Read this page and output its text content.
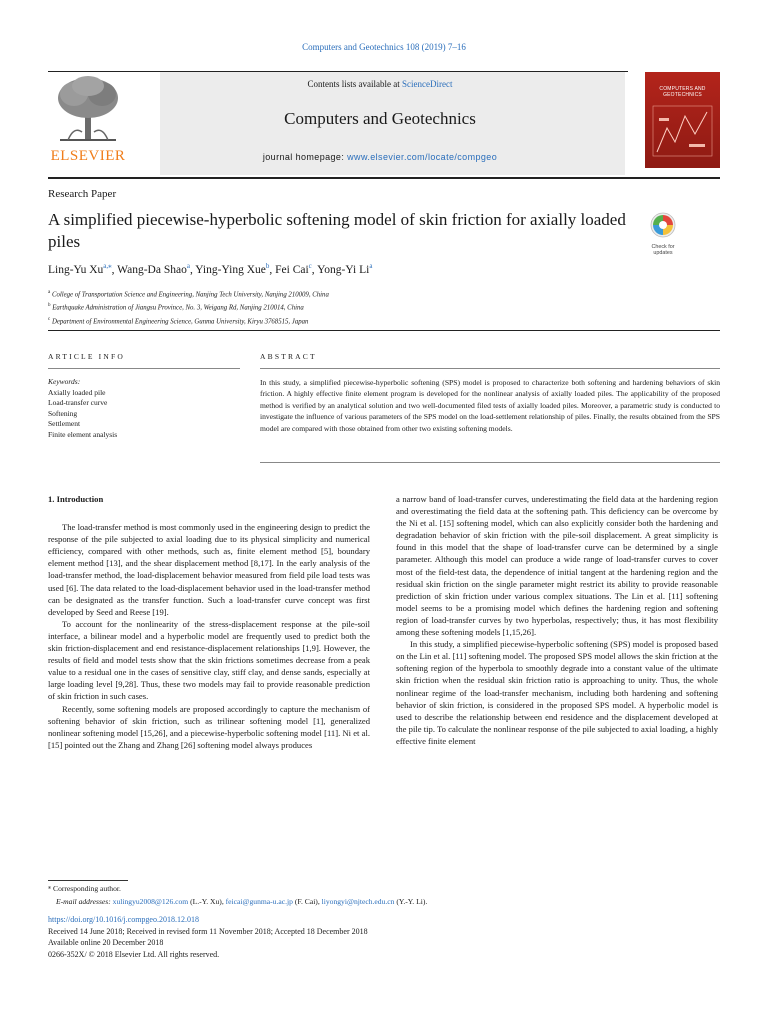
Computers and Geotechnics 108 (2019) 7–16
ELSEVIER
Contents lists available at ScienceDirect
Computers and Geotechnics
journal homepage: www.elsevier.com/locate/compgeo
COMPUTERS AND GEOTECHNICS
Research Paper
A simplified piecewise-hyperbolic softening model of skin friction for axially loaded piles	Check for
updates
Ling-Yu $Xu^{a,⁎}$, Wang-Da Shao$^a$, Ying-Ying Xue$^b$, Fei Cai$^c$, Yong-Yi Li$^a$
$^a$ College of Transportation Science and Engineering, Nanjing Tech University, Nanjing 210009, China
$^b$ Earthquake Administration of Jiangsu Province, No. 3, Weigang Rd, Nanjing 210014, China
$^c$ Department of Environmental Engineering Science, Gunma University, Kiryu 3768515, Japan
ARTICLE INFO	ABSTRACT
Keywords:
Axially loaded pile
Load-transfer curve
Softening
Settlement
Finite element analysis
In this study, a simplified piecewise-hyperbolic softening (SPS) model is proposed to characterize both softening and hardening behaviors of skin friction. A highly effective finite element program is developed for the nonlinear analysis of axially loaded piles. The applicability of the proposed method is verified by an analytical solution and two well-documented filed tests of axially loaded piles. Moreover, a parametric study is conducted to investigate the influence of various parameters of the SPS model on the load-settlement relationship of piles. Finally, the results obtained from the SPS model are compared with those obtained from other two existing softening models.

1. Introduction

The load-transfer method is most commonly used in the engineering design to predict the response of the pile subjected to axial loading due to its physical simplicity and numerical efficiency, compared with other methods, such as, finite element method [5], boundary element method [13], and the shear displacement method [8,17]. In the early analysis of the load-transfer method, the load-displacement behavior measured from field pile load tests was used [6]. The data related to the load-displacement behavior used in the load-transfer method can be designated as the transfer function. Such a load-transfer curve concept was first developed by Seed and Reese [19].

To account for the nonlinearity of the stress-displacement response at the pile-soil interface, a bilinear model and a hyperbolic model are frequently used to predict both the skin friction-displacement and end resistance-displacement relationships [1,9]. However, the results of field and model tests show that the skin frictions sometimes decrease from a peak value to a residual one in the cases of sensitive clay, stiff clay, and dense sands, especially at large loading level [9,28]. Thus, these two models may fail to provide reasonable prediction of skin friction in such cases.

Recently, some softening models are proposed accordingly to capture the mechanism of softening behavior of skin friction, such as trilinear softening model [1], generalized nonlinear softening model [15,26], and a piecewise-hyperbolic softening model [11]. Ni et al. [15] pointed out the Zhang and Zhang [26] softening model always produces

a narrow band of load-transfer curves, underestimating the field data at the hardening region and overestimating the field data at the softening path. This deficiency can be overcome by the Ni et al. [15] softening model, which can also explicitly consider both the hardening and degradation behavior of skin friction with the pile-soil displacement. A great simplicity is found in this model that the shape of load-transfer curve can be determined by a single parameter. Although this model can produce a wide range of load-transfer curves to cover most of the field-test data, the dependence of initial tangent at the hardening region and the residual skin friction on the single parameter might restrict its ability to provide reasonable prediction of skin friction under various complex situations. The Lin et al. [11] softening model seems to be a promising model which defines the hardening region and softening region of load-transfer curves by two hyperbolas, respectively; thus, it has most flexibility among these softening models [1,15,26].

In this study, a simplified piecewise-hyperbolic softening (SPS) model is proposed based on the Lin et al. [11] softening model. The proposed SPS model allows the skin friction at the softening region of the hyperbola to smoothly degrade into a constant value of the ultimate skin friction when the residual skin friction ratio is approaching to unity. Thus, the whole nonlinear regime of the load-transfer mechanism, including both hardening and softening behavior of skin friction, is considered in the proposed SPS model. A hyperbolic model is used to describe the relationship between end residence and the displacement developed at the pile tip. To calculate the nonlinear response of the pile subjected to axial loading, a highly effective finite element

⁎ Corresponding author.
E-mail addresses: xulingyu2008@126.com (L.-Y. Xu), feicai@gunma-u.ac.jp (F. Cai), liyongyi@njtech.edu.cn (Y.-Y. Li).
https://doi.org/10.1016/j.compgeo.2018.12.018
Received 14 June 2018; Received in revised form 11 November 2018; Accepted 18 December 2018
Available online 20 December 2018
0266-352X/ © 2018 Elsevier Ltd. All rights reserved.
